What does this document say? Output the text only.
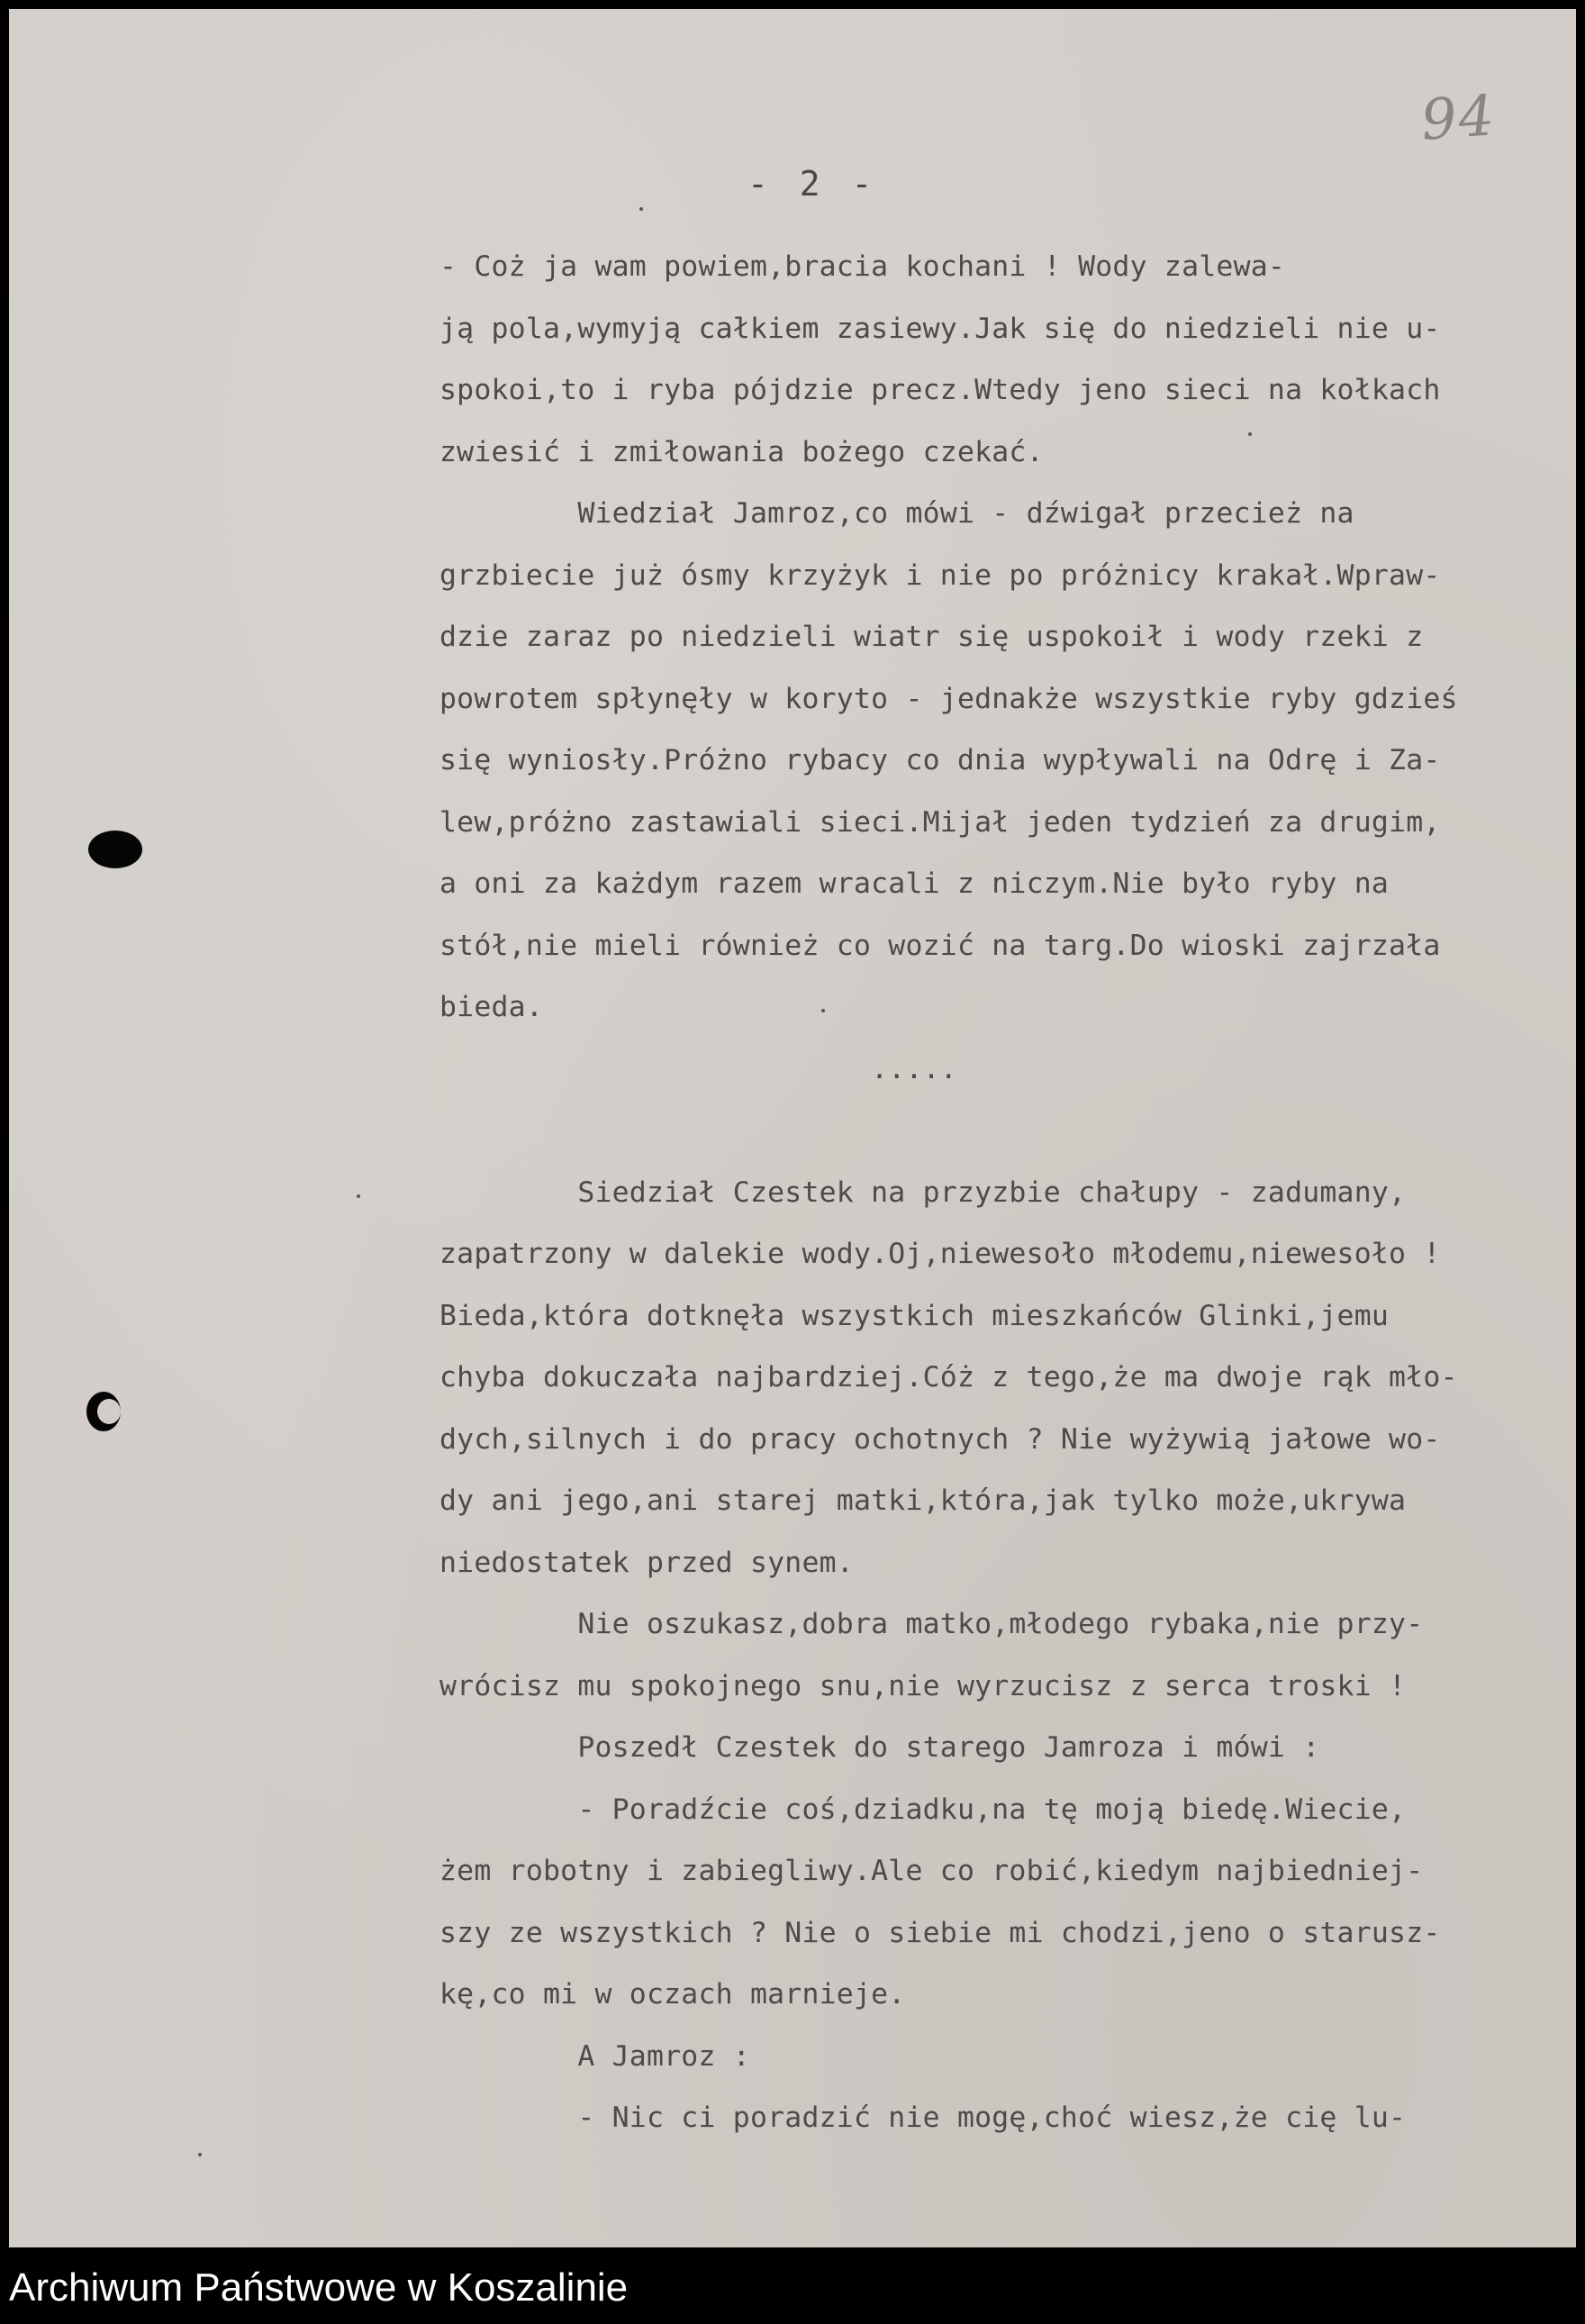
94
- 2 -
- Coż ja wam powiem,bracia kochani ! Wody zalewa-
ją pola,wymyją całkiem zasiewy.Jak się do niedzieli nie u-
spokoi,to i ryba pójdzie precz.Wtedy jeno sieci na kołkach
zwiesić i zmiłowania bożego czekać.
Wiedział Jamroz,co mówi - dźwigał przecież na
grzbiecie już ósmy krzyżyk i nie po próżnicy krakał.Wpraw-
dzie zaraz po niedzieli wiatr się uspokoił i wody rzeki z
powrotem spłynęły w koryto - jednakże wszystkie ryby gdzieś
się wyniosły.Próżno rybacy co dnia wypływali na Odrę i Za-
lew,próżno zastawiali sieci.Mijał jeden tydzień za drugim,
a oni za każdym razem wracali z niczym.Nie było ryby na
stół,nie mieli również co wozić na targ.Do wioski zajrzała
bieda.
.....

Siedział Czestek na przyzbie chałupy - zadumany,
zapatrzony w dalekie wody.Oj,niewesoło młodemu,niewesoło !
Bieda,która dotknęła wszystkich mieszkańców Glinki,jemu
chyba dokuczała najbardziej.Cóż z tego,że ma dwoje rąk mło-
dych,silnych i do pracy ochotnych ? Nie wyżywią jałowe wo-
dy ani jego,ani starej matki,która,jak tylko może,ukrywa
niedostatek przed synem.
Nie oszukasz,dobra matko,młodego rybaka,nie przy-
wrócisz mu spokojnego snu,nie wyrzucisz z serca troski !
Poszedł Czestek do starego Jamroza i mówi :
- Poradźcie coś,dziadku,na tę moją biedę.Wiecie,
żem robotny i zabiegliwy.Ale co robić,kiedym najbiedniej-
szy ze wszystkich ? Nie o siebie mi chodzi,jeno o starusz-
kę,co mi w oczach marnieje.
A Jamroz :
- Nic ci poradzić nie mogę,choć wiesz,że cię lu-
Archiwum Państwowe w Koszalinie
